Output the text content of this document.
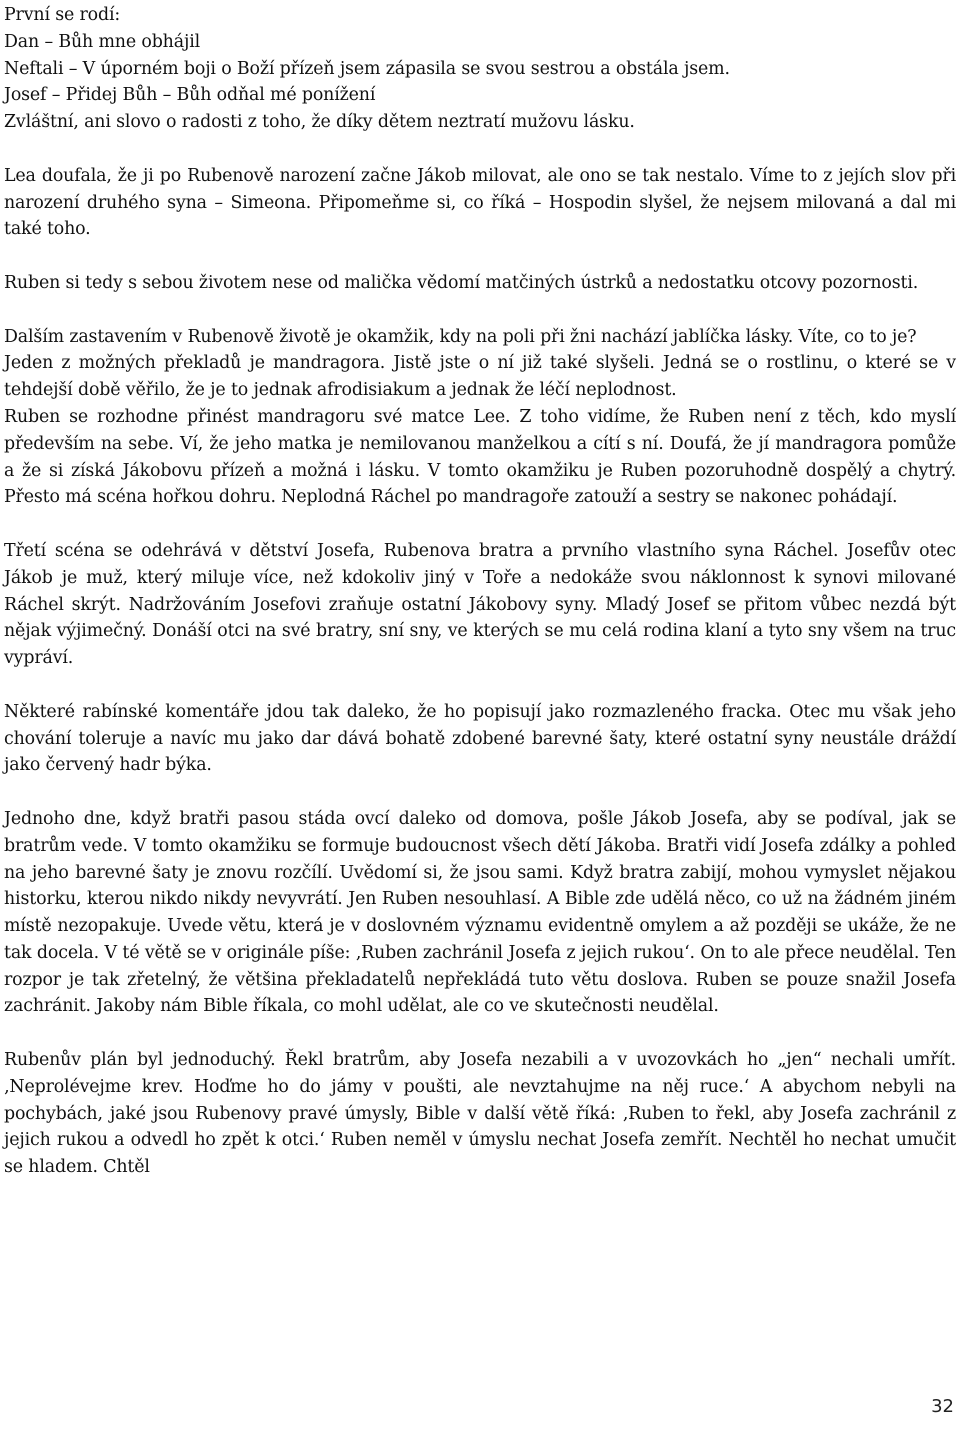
První se rodí:
Dan – Bůh mne obhájil
Neftali – V úporném boji o Boží přízeň jsem zápasila se svou sestrou a obstála jsem.
Josef – Přidej Bůh – Bůh odňal mé ponížení
Zvláštní, ani slovo o radosti z toho, že díky dětem neztratí mužovu lásku.

Lea doufala, že ji po Rubenově narození začne Jákob milovat, ale ono se tak nestalo. Víme to z jejích slov při narození druhého syna – Simeona. Připomeňme si, co říká – Hospodin slyšel, že nejsem milovaná a dal mi také toho.

Ruben si tedy s sebou životem nese od malička vědomí matčiných ústrků a nedostatku otcovy pozornosti.

Dalším zastavením v Rubenově životě je okamžik, kdy na poli při žni nachází jablíčka lásky. Víte, co to je?

Jeden z možných překladů je mandragora. Jistě jste o ní již také slyšeli. Jedná se o rostlinu, o které se v tehdejší době věřilo, že je to jednak afrodisiakum a jednak že léčí neplodnost.

Ruben se rozhodne přinést mandragoru své matce Lee. Z toho vidíme, že Ruben není z těch, kdo myslí především na sebe. Ví, že jeho matka je nemilovanou manželkou a cítí s ní. Doufá, že jí mandragora pomůže a že si získá Jákobovu přízeň a možná i lásku. V tomto okamžiku je Ruben pozoruhodně dospělý a chytrý. Přesto má scéna hořkou dohru. Neplodná Ráchel po mandragoře zatouží a sestry se nakonec pohádají.

Třetí scéna se odehrává v dětství Josefa, Rubenova bratra a prvního vlastního syna Ráchel. Josefův otec Jákob je muž, který miluje více, než kdokoliv jiný v Toře a nedokáže svou náklonnost k synovi milované Ráchel skrýt. Nadržováním Josefovi zraňuje ostatní Jákobovy syny. Mladý Josef se přitom vůbec nezdá být nějak výjimečný. Donáší otci na své bratry, sní sny, ve kterých se mu celá rodina klaní a tyto sny všem na truc vypráví.

Některé rabínské komentáře jdou tak daleko, že ho popisují jako rozmazleného fracka. Otec mu však jeho chování toleruje a navíc mu jako dar dává bohatě zdobené barevné šaty, které ostatní syny neustále dráždí jako červený hadr býka.

Jednoho dne, když bratři pasou stáda ovcí daleko od domova, pošle Jákob Josefa, aby se podíval, jak se bratrům vede. V tomto okamžiku se formuje budoucnost všech dětí Jákoba. Bratři vidí Josefa zdálky a pohled na jeho barevné šaty je znovu rozčílí. Uvědomí si, že jsou sami. Když bratra zabijí, mohou vymyslet nějakou historku, kterou nikdo nikdy nevyvrátí. Jen Ruben nesouhlasí. A Bible zde udělá něco, co už na žádném jiném místě nezopakuje. Uvede větu, která je v doslovném významu evidentně omylem a až později se ukáže, že ne tak docela. V té větě se v originále píše: ‚Ruben zachránil Josefa z jejich rukou‘. On to ale přece neudělal. Ten rozpor je tak zřetelný, že většina překladatelů nepřekládá tuto větu doslova. Ruben se pouze snažil Josefa zachránit. Jakoby nám Bible říkala, co mohl udělat, ale co ve skutečnosti neudělal.

Rubenův plán byl jednoduchý. Řekl bratrům, aby Josefa nezabili a v uvozovkách ho „jen“ nechali umřít. ‚Neprolévejme krev. Hoďme ho do jámy v poušti, ale nevztahujme na něj ruce.‘ A abychom nebyli na pochybách, jaké jsou Rubenovy pravé úmysly, Bible v další větě říká: ‚Ruben to řekl, aby Josefa zachránil z jejich rukou a odvedl ho zpět k otci.‘ Ruben neměl v úmyslu nechat Josefa zemřít. Nechtěl ho nechat umučit se hladem. Chtěl

32
